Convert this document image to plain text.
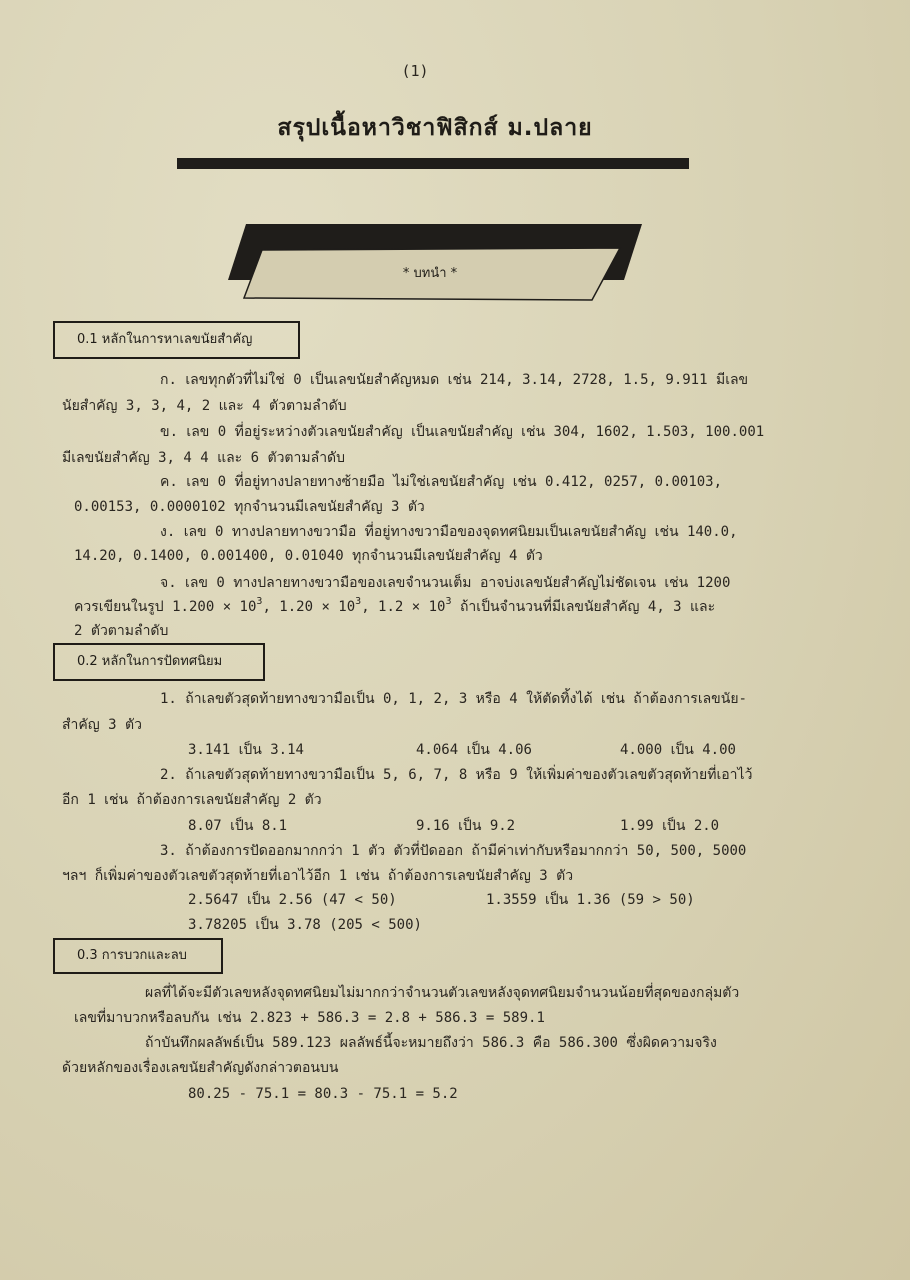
(1)
สรุปเนื้อหาวิชาฟิสิกส์ ม.ปลาย
* บทนำ *
0.1 หลักในการหาเลขนัยสำคัญ
ก. เลขทุกตัวที่ไม่ใช่ 0 เป็นเลขนัยสำคัญหมด เช่น 214, 3.14, 2728, 1.5, 9.911 มีเลข
นัยสำคัญ 3, 3, 4, 2 และ 4 ตัวตามลำดับ
ข. เลข 0 ที่อยู่ระหว่างตัวเลขนัยสำคัญ เป็นเลขนัยสำคัญ เช่น 304, 1602, 1.503, 100.001
มีเลขนัยสำคัญ 3, 4 4 และ 6 ตัวตามลำดับ
ค. เลข 0 ที่อยู่ทางปลายทางซ้ายมือ ไม่ใช่เลขนัยสำคัญ เช่น 0.412, 0257, 0.00103,
0.00153, 0.0000102 ทุกจำนวนมีเลขนัยสำคัญ 3 ตัว
ง. เลข 0 ทางปลายทางขวามือ ที่อยู่ทางขวามือของจุดทศนิยมเป็นเลขนัยสำคัญ เช่น 140.0,
14.20, 0.1400, 0.001400, 0.01040 ทุกจำนวนมีเลขนัยสำคัญ 4 ตัว
จ. เลข 0 ทางปลายทางขวามือของเลขจำนวนเต็ม อาจบ่งเลขนัยสำคัญไม่ชัดเจน เช่น 1200
ควรเขียนในรูป $1.200 \times 10^3$, $1.20 \times 10^3$, $1.2 \times 10^3$ ถ้าเป็นจำนวนที่มีเลขนัยสำคัญ 4, 3 และ
2 ตัวตามลำดับ
0.2 หลักในการปัดทศนิยม
1. ถ้าเลขตัวสุดท้ายทางขวามือเป็น 0, 1, 2, 3 หรือ 4 ให้ตัดทิ้งได้ เช่น ถ้าต้องการเลขนัย-
สำคัญ 3 ตัว
3.141 เป็น 3.14	4.064 เป็น 4.06	4.000 เป็น 4.00
2. ถ้าเลขตัวสุดท้ายทางขวามือเป็น 5, 6, 7, 8 หรือ 9 ให้เพิ่มค่าของตัวเลขตัวสุดท้ายที่เอาไว้
อีก 1 เช่น ถ้าต้องการเลขนัยสำคัญ 2 ตัว
8.07 เป็น 8.1	9.16 เป็น 9.2	1.99 เป็น 2.0
3. ถ้าต้องการปัดออกมากกว่า 1 ตัว ตัวที่ปัดออก ถ้ามีค่าเท่ากับหรือมากกว่า 50, 500, 5000
ฯลฯ ก็เพิ่มค่าของตัวเลขตัวสุดท้ายที่เอาไว้อีก 1 เช่น ถ้าต้องการเลขนัยสำคัญ 3 ตัว
2.5647 เป็น 2.56 (47 < 50)	1.3559 เป็น 1.36 (59 > 50)
3.78205 เป็น 3.78 (205 < 500)
0.3 การบวกและลบ
ผลที่ได้จะมีตัวเลขหลังจุดทศนิยมไม่มากกว่าจำนวนตัวเลขหลังจุดทศนิยมจำนวนน้อยที่สุดของกลุ่มตัว
เลขที่มาบวกหรือลบกัน เช่น 2.823 + 586.3 = 2.8 + 586.3 = 589.1
ถ้าบันทึกผลลัพธ์เป็น 589.123 ผลลัพธ์นี้จะหมายถึงว่า 586.3 คือ 586.300 ซึ่งผิดความจริง
ด้วยหลักของเรื่องเลขนัยสำคัญดังกล่าวตอนบน
80.25 - 75.1 = 80.3 - 75.1 = 5.2
